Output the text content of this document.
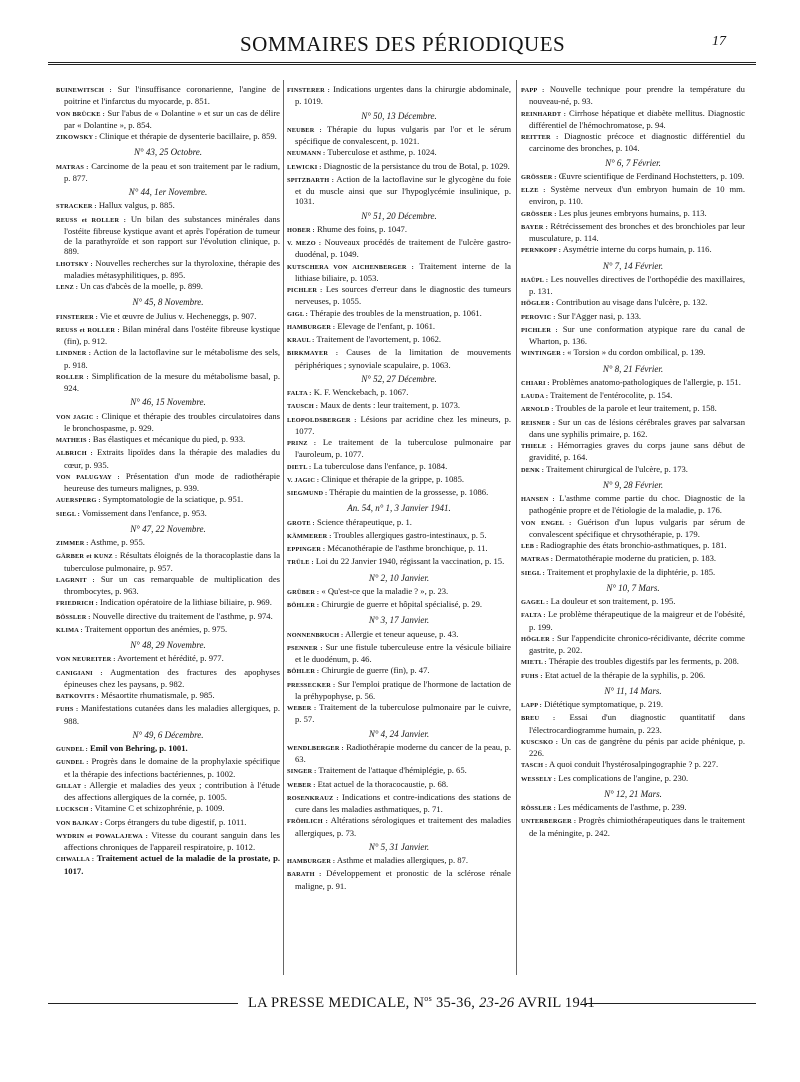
SOMMAIRES DES PÉRIODIQUES	17
BUINEWITSCH : Sur l'insuffisance coronarienne, l'angine de poitrine et l'infarctus du myocarde, p. 851.
VON BRÜCKE : Sur l'abus de « Dolantine » et sur un cas de délire par « Dolantine », p. 854.
ZIKOWSKY : Clinique et thérapie de dysenterie bacillaire, p. 859.
N° 43, 25 Octobre.
MATRAS : Carcinome de la peau et son traitement par le radium, p. 877.
N° 44, 1er Novembre.
STRACKER : Hallux valgus, p. 885.
REUSS et ROLLER : Un bilan des substances minérales dans l'ostéite fibreuse kystique avant et après l'opération de tumeur de la parathyroïde et son rapport sur l'évolution clinique, p. 889.
LHOTSKY : Nouvelles recherches sur la thyroloxine, thérapie des maladies métasyphilitiques, p. 895.
LENZ : Un cas d'abcès de la moelle, p. 899.
N° 45, 8 Novembre.
FINSTERER : Vie et œuvre de Julius v. Hecheneggs, p. 907.
REUSS et ROLLER : Bilan minéral dans l'ostéite fibreuse kystique (fin), p. 912.
LINDNER : Action de la lactoflavine sur le métabolisme des sels, p. 918.
ROLLER : Simplification de la mesure du métabolisme basal, p. 924.
N° 46, 15 Novembre.
VON JAGIC : Clinique et thérapie des troubles circulatoires dans le bronchospasme, p. 929.
MATHEIS : Bas élastiques et mécanique du pied, p. 933.
ALBRICH : Extraits lipoïdes dans la thérapie des maladies du cœur, p. 935.
VON PALUGYAY : Présentation d'un mode de radiothérapie heureuse des tumeurs malignes, p. 939.
AUERSPERG : Symptomatologie de la sciatique, p. 951.
SIEGL : Vomissement dans l'enfance, p. 953.
N° 47, 22 Novembre.
ZIMMER : Asthme, p. 955.
GÄRBER et KUNZ : Résultats éloignés de la thoracoplastie dans la tuberculose pulmonaire, p. 957.
LAGRNIT : Sur un cas remarquable de multiplication des thrombocytes, p. 963.
FRIEDRICH : Indication opératoire de la lithiase biliaire, p. 969.
BÖSSLER : Nouvelle directive du traitement de l'asthme, p. 974.
KLIMA : Traitement opportun des anémies, p. 975.
N° 48, 29 Novembre.
VON NEUREITER : Avortement et hérédité, p. 977.
CANIGIANI : Augmentation des fractures des apophyses épineuses chez les paysans, p. 982.
BATKOVITS : Mésaortite rhumatismale, p. 985.
FUHS : Manifestations cutanées dans les maladies allergiques, p. 988.
N° 49, 6 Décembre.
GUNDEL : Emil von Behring, p. 1001.
GUNDEL : Progrès dans le domaine de la prophylaxie spécifique et la thérapie des infections bactériennes, p. 1002.
GILLAT : Allergie et maladies des yeux ; contribution à l'étude des affections allergiques de la cornée, p. 1005.
LUCKSCH : Vitamine C et schizophrénie, p. 1009.
VON BAJKAY : Corps étrangers du tube digestif, p. 1011.
WYDRIN et POWALAJEWA : Vitesse du courant sanguin dans les affections chroniques de l'appareil respiratoire, p. 1012.
CHWALLA : Traitement actuel de la maladie de la prostate, p. 1017.
FINSTERER : Indications urgentes dans la chirurgie abdominale, p. 1019.
N° 50, 13 Décembre.
NEUBER : Thérapie du lupus vulgaris par l'or et le sérum spécifique de convalescent, p. 1021.
NEUMANN : Tuberculose et asthme, p. 1024.
LEWICKI : Diagnostic de la persistance du trou de Botal, p. 1029.
SPITZBARTH : Action de la lactoflavine sur le glycogène du foie et du muscle ainsi que sur l'hypoglycémie insulinique, p. 1031.
N° 51, 20 Décembre.
HOBER : Rhume des foins, p. 1047.
V. MEZO : Nouveaux procédés de traitement de l'ulcère gastro-duodénal, p. 1049.
KUTSCHERA VON AICHENBERGER : Traitement interne de la lithiase biliaire, p. 1053.
PICHLER : Les sources d'erreur dans le diagnostic des tumeurs nerveuses, p. 1055.
GIGL : Thérapie des troubles de la menstruation, p. 1061.
HAMBURGER : Elevage de l'enfant, p. 1061.
KRAUL : Traitement de l'avortement, p. 1062.
BIRKMAYER : Causes de la limitation de mouvements périphériques ; synoviale scapulaire, p. 1063.
N° 52, 27 Décembre.
FALTA : K. F. Wenckebach, p. 1067.
TAUSCH : Maux de dents : leur traitement, p. 1073.
LEOPOLDSBERGER : Lésions par acridine chez les mineurs, p. 1077.
PRINZ : Le traitement de la tuberculose pulmonaire par l'auroleum, p. 1077.
DIETL : La tuberculose dans l'enfance, p. 1084.
V. JAGIC : Clinique et thérapie de la grippe, p. 1085.
SIEGMUND : Thérapie du maintien de la grossesse, p. 1086.
An. 54, n° 1, 3 Janvier 1941.
GROTE : Science thérapeutique, p. 1.
KÄMMERER : Troubles allergiques gastro-intestinaux, p. 5.
EPPINGER : Mécanothérapie de l'asthme bronchique, p. 11.
TRÜLE : Loi du 22 Janvier 1940, régissant la vaccination, p. 15.
N° 2, 10 Janvier.
GRÜBER : « Qu'est-ce que la maladie ? », p. 23.
BÖHLER : Chirurgie de guerre et hôpital spécialisé, p. 29.
N° 3, 17 Janvier.
NONNENBRUCH : Allergie et teneur aqueuse, p. 43.
PSENNER : Sur une fistule tuberculeuse entre la vésicule biliaire et le duodénum, p. 46.
BÖHLER : Chirurgie de guerre (fin), p. 47.
PRESSECKER : Sur l'emploi pratique de l'hormone de lactation de la préhypophyse, p. 56.
WEBER : Traitement de la tuberculose pulmonaire par le cuivre, p. 57.
N° 4, 24 Janvier.
WENDLBERGER : Radiothérapie moderne du cancer de la peau, p. 63.
SINGER : Traitement de l'attaque d'hémiplégie, p. 65.
WEBER : Etat actuel de la thoracocaustie, p. 68.
ROSENKRAUZ : Indications et contre-indications des stations de cure dans les maladies asthmatiques, p. 71.
FRÖHLICH : Altérations sérologiques et traitement des maladies allergiques, p. 73.
N° 5, 31 Janvier.
HAMBURGER : Asthme et maladies allergiques, p. 87.
BARATH : Développement et pronostic de la sclérose rénale maligne, p. 91.
PAPP : Nouvelle technique pour prendre la température du nouveau-né, p. 93.
REINHARDT : Cirrhose hépatique et diabète mellitus. Diagnostic différentiel de l'hémochromatose, p. 94.
REITTER : Diagnostic précoce et diagnostic différentiel du carcinome des bronches, p. 104.
N° 6, 7 Février.
GRÖSSER : Œuvre scientifique de Ferdinand Hochstetters, p. 109.
ELZE : Système nerveux d'un embryon humain de 10 mm. environ, p. 110.
GRÖSSER : Les plus jeunes embryons humains, p. 113.
BAYER : Rétrécissement des bronches et des bronchioles par leur musculature, p. 114.
PERNKOPF : Asymétrie interne du corps humain, p. 116.
N° 7, 14 Février.
HAÜPL : Les nouvelles directives de l'orthopédie des maxillaires, p. 131.
HÖGLER : Contribution au visage dans l'ulcère, p. 132.
PEROVIC : Sur l'Agger nasi, p. 133.
PICHLER : Sur une conformation atypique rare du canal de Wharton, p. 136.
WINTINGER : « Torsion » du cordon ombilical, p. 139.
N° 8, 21 Février.
CHIARI : Problèmes anatomo-pathologiques de l'allergie, p. 151.
LAUDA : Traitement de l'entérocolite, p. 154.
ARNOLD : Troubles de la parole et leur traitement, p. 158.
REISNER : Sur un cas de lésions cérébrales graves par salvarsan dans une syphilis primaire, p. 162.
THIELE : Hémorragies graves du corps jaune sans début de gravidité, p. 164.
DENK : Traitement chirurgical de l'ulcère, p. 173.
N° 9, 28 Février.
HANSEN : L'asthme comme partie du choc. Diagnostic de la pathogénie propre et de l'étiologie de la maladie, p. 176.
VON ENGEL : Guérison d'un lupus vulgaris par sérum de convalescent spécifique et chrysothérapie, p. 179.
LEB : Radiographie des états bronchio-asthmatiques, p. 181.
MATRAS : Dermatothérapie moderne du praticien, p. 183.
SIEGL : Traitement et prophylaxie de la diphtérie, p. 185.
N° 10, 7 Mars.
GAGEL : La douleur et son traitement, p. 195.
FALTA : Le problème thérapeutique de la maigreur et de l'obésité, p. 199.
HÖGLER : Sur l'appendicite chronico-récidivante, décrite comme gastrite, p. 202.
MIETL : Thérapie des troubles digestifs par les ferments, p. 208.
FUHS : Etat actuel de la thérapie de la syphilis, p. 206.
N° 11, 14 Mars.
LAPP : Diététique symptomatique, p. 219.
BREU : Essai d'un diagnostic quantitatif dans l'électrocardiogramme humain, p. 223.
KUSCSKO : Un cas de gangrène du pénis par acide phénique, p. 226.
TASCH : A quoi conduit l'hystérosalpingographie ? p. 227.
WESSELY : Les complications de l'angine, p. 230.
N° 12, 21 Mars.
RÖSSLER : Les médicaments de l'asthme, p. 239.
UNTERBERGER : Progrès chimiothérapeutiques dans le traitement de la méningite, p. 242.
LA PRESSE MEDICALE, $N^{os}$ 35-36, 23-26 AVRIL 1941
